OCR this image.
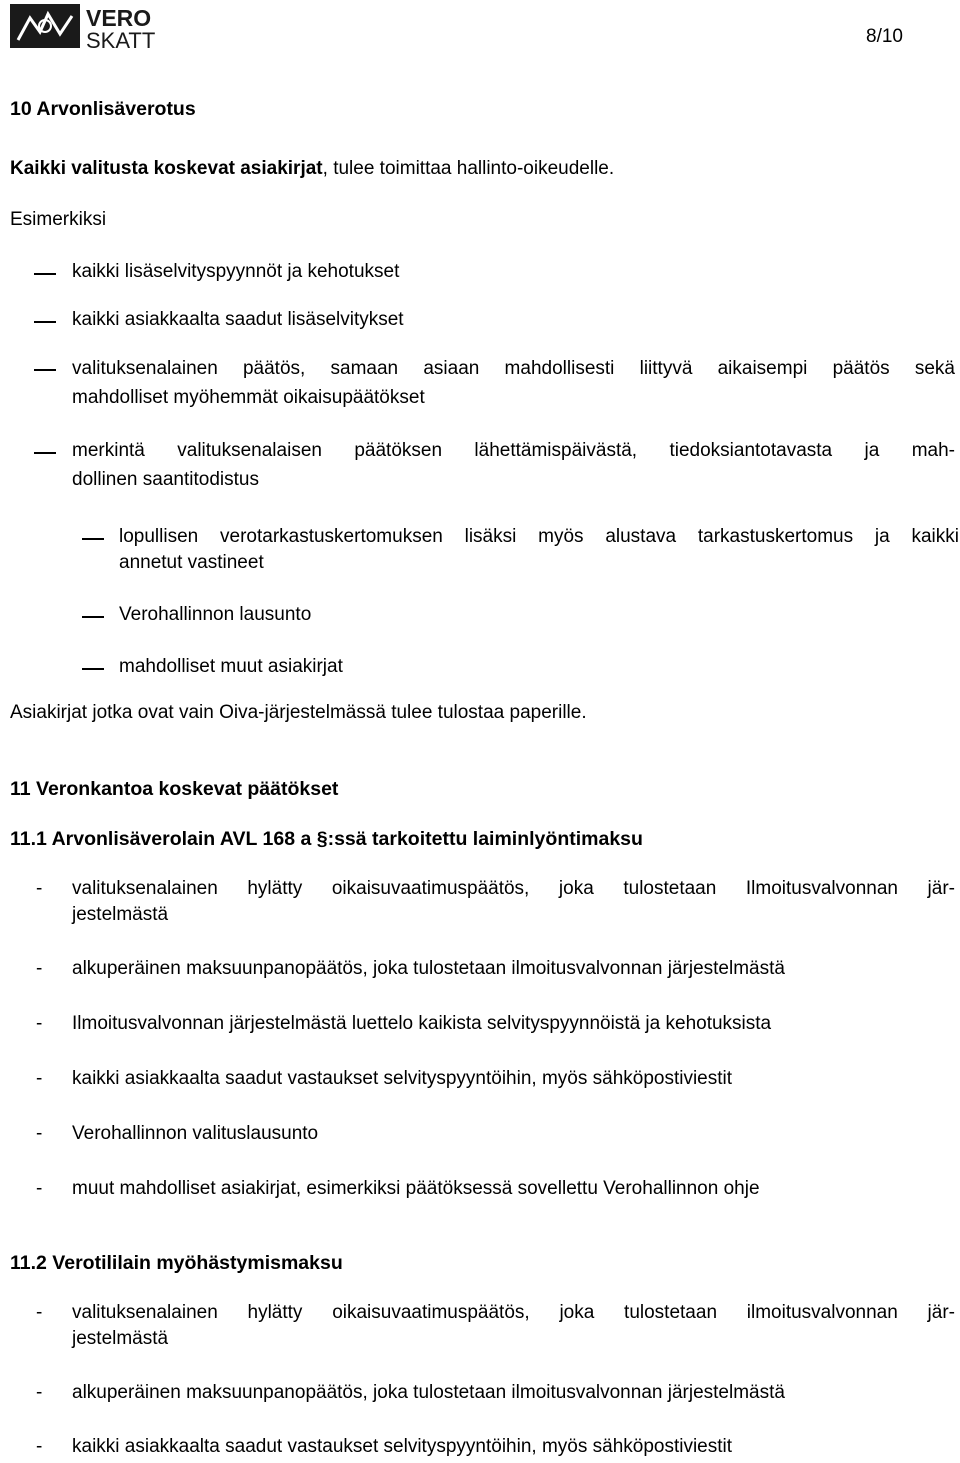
VERO
SKATT	8/10

10 Arvonlisäverotus

Kaikki valitusta koskevat asiakirjat, tulee toimittaa hallinto-oikeudelle.

Esimerkiksi

kaikki lisäselvityspyynnöt ja kehotukset

kaikki asiakkaalta saadut lisäselvitykset

valituksenalainen päätös, samaan asiaan mahdollisesti liittyvä aikaisempi päätös sekä

mahdolliset myöhemmät oikaisupäätökset

merkintä valituksenalaisen päätöksen lähettämispäivästä, tiedoksiantotavasta ja mah-

dollinen saantitodistus

lopullisen verotarkastuskertomuksen lisäksi myös alustava tarkastuskertomus ja kaikki

annetut vastineet

Verohallinnon lausunto

mahdolliset muut asiakirjat

Asiakirjat jotka ovat vain Oiva-järjestelmässä tulee tulostaa paperille.

11 Veronkantoa koskevat päätökset

11.1 Arvonlisäverolain AVL 168 a §:ssä tarkoitettu laiminlyöntimaksu

- valituksenalainen hylätty oikaisuvaatimuspäätös, joka tulostetaan Ilmoitusvalvonnan jär-

jestelmästä

- alkuperäinen maksuunpanopäätös, joka tulostetaan ilmoitusvalvonnan järjestelmästä

- Ilmoitusvalvonnan järjestelmästä luettelo kaikista selvityspyynnöistä ja kehotuksista

- kaikki asiakkaalta saadut vastaukset selvityspyyntöihin, myös sähköpostiviestit

- Verohallinnon valituslausunto

- muut mahdolliset asiakirjat, esimerkiksi päätöksessä sovellettu Verohallinnon ohje

11.2 Verotililain myöhästymismaksu

- valituksenalainen hylätty oikaisuvaatimuspäätös, joka tulostetaan ilmoitusvalvonnan jär-

jestelmästä

- alkuperäinen maksuunpanopäätös, joka tulostetaan ilmoitusvalvonnan järjestelmästä

- kaikki asiakkaalta saadut vastaukset selvityspyyntöihin, myös sähköpostiviestit
